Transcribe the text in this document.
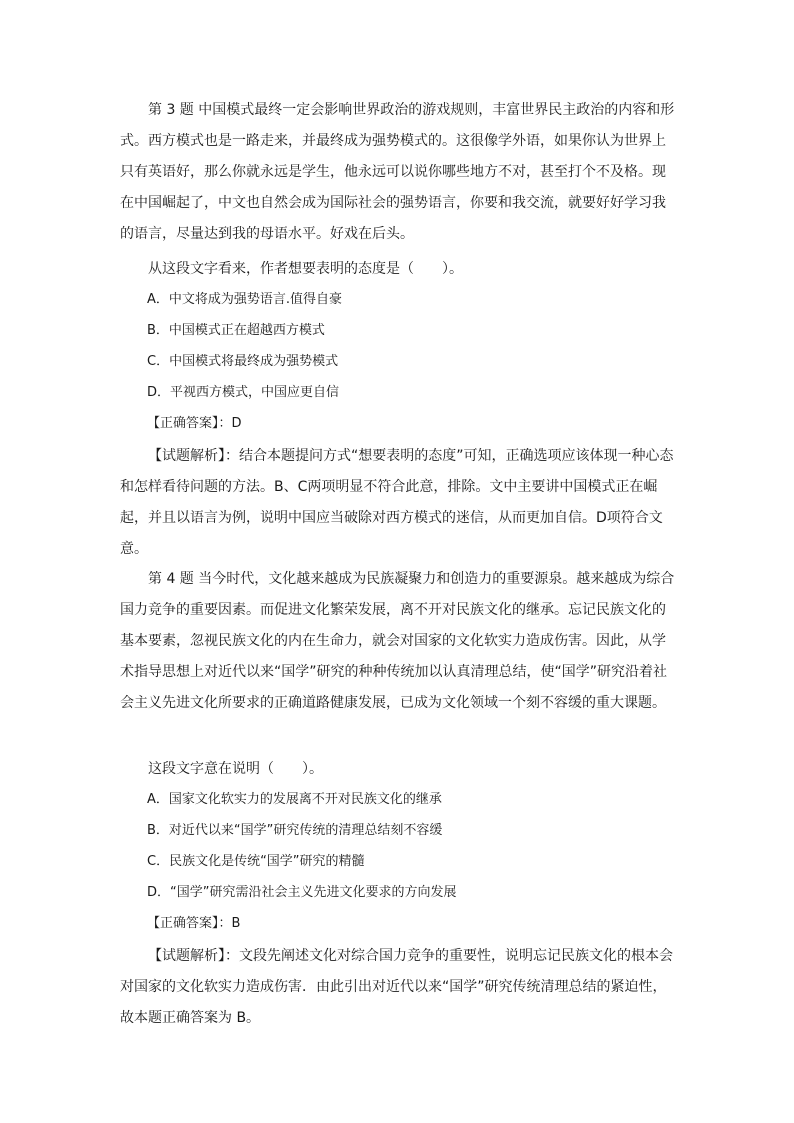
第 3 题 中国模式最终一定会影响世界政治的游戏规则，丰富世界民主政治的内容和形式。西方模式也是一路走来，并最终成为强势模式的。这很像学外语，如果你认为世界上只有英语好，那么你就永远是学生，他永远可以说你哪些地方不对，甚至打个不及格。现在中国崛起了，中文也自然会成为国际社会的强势语言，你要和我交流，就要好好学习我的语言，尽量达到我的母语水平。好戏在后头。
从这段文字看来，作者想要表明的态度是（　　）。
A．中文将成为强势语言.值得自豪
B．中国模式正在超越西方模式
C．中国模式将最终成为强势模式
D．平视西方模式，中国应更自信
【正确答案】：D
【试题解析】：结合本题提问方式“想要表明的态度”可知，正确选项应该体现一种心态和怎样看待问题的方法。B、C两项明显不符合此意，排除。文中主要讲中国模式正在崛起，并且以语言为例，说明中国应当破除对西方模式的迷信，从而更加自信。D项符合文意。
第 4 题 当今时代，文化越来越成为民族凝聚力和创造力的重要源泉。越来越成为综合国力竞争的重要因素。而促进文化繁荣发展，离不开对民族文化的继承。忘记民族文化的基本要素，忽视民族文化的内在生命力，就会对国家的文化软实力造成伤害。因此，从学术指导思想上对近代以来“国学”研究的种种传统加以认真清理总结，使“国学”研究沿着社会主义先进文化所要求的正确道路健康发展，已成为文化领域一个刻不容缓的重大课题。
这段文字意在说明（　　）。
A．国家文化软实力的发展离不开对民族文化的继承
B．对近代以来“国学”研究传统的清理总结刻不容缓
C．民族文化是传统“国学”研究的精髓
D．“国学”研究需沿社会主义先进文化要求的方向发展
【正确答案】：B
【试题解析】：文段先阐述文化对综合国力竞争的重要性，说明忘记民族文化的根本会对国家的文化软实力造成伤害．由此引出对近代以来“国学”研究传统清理总结的紧迫性，故本题正确答案为 B。
